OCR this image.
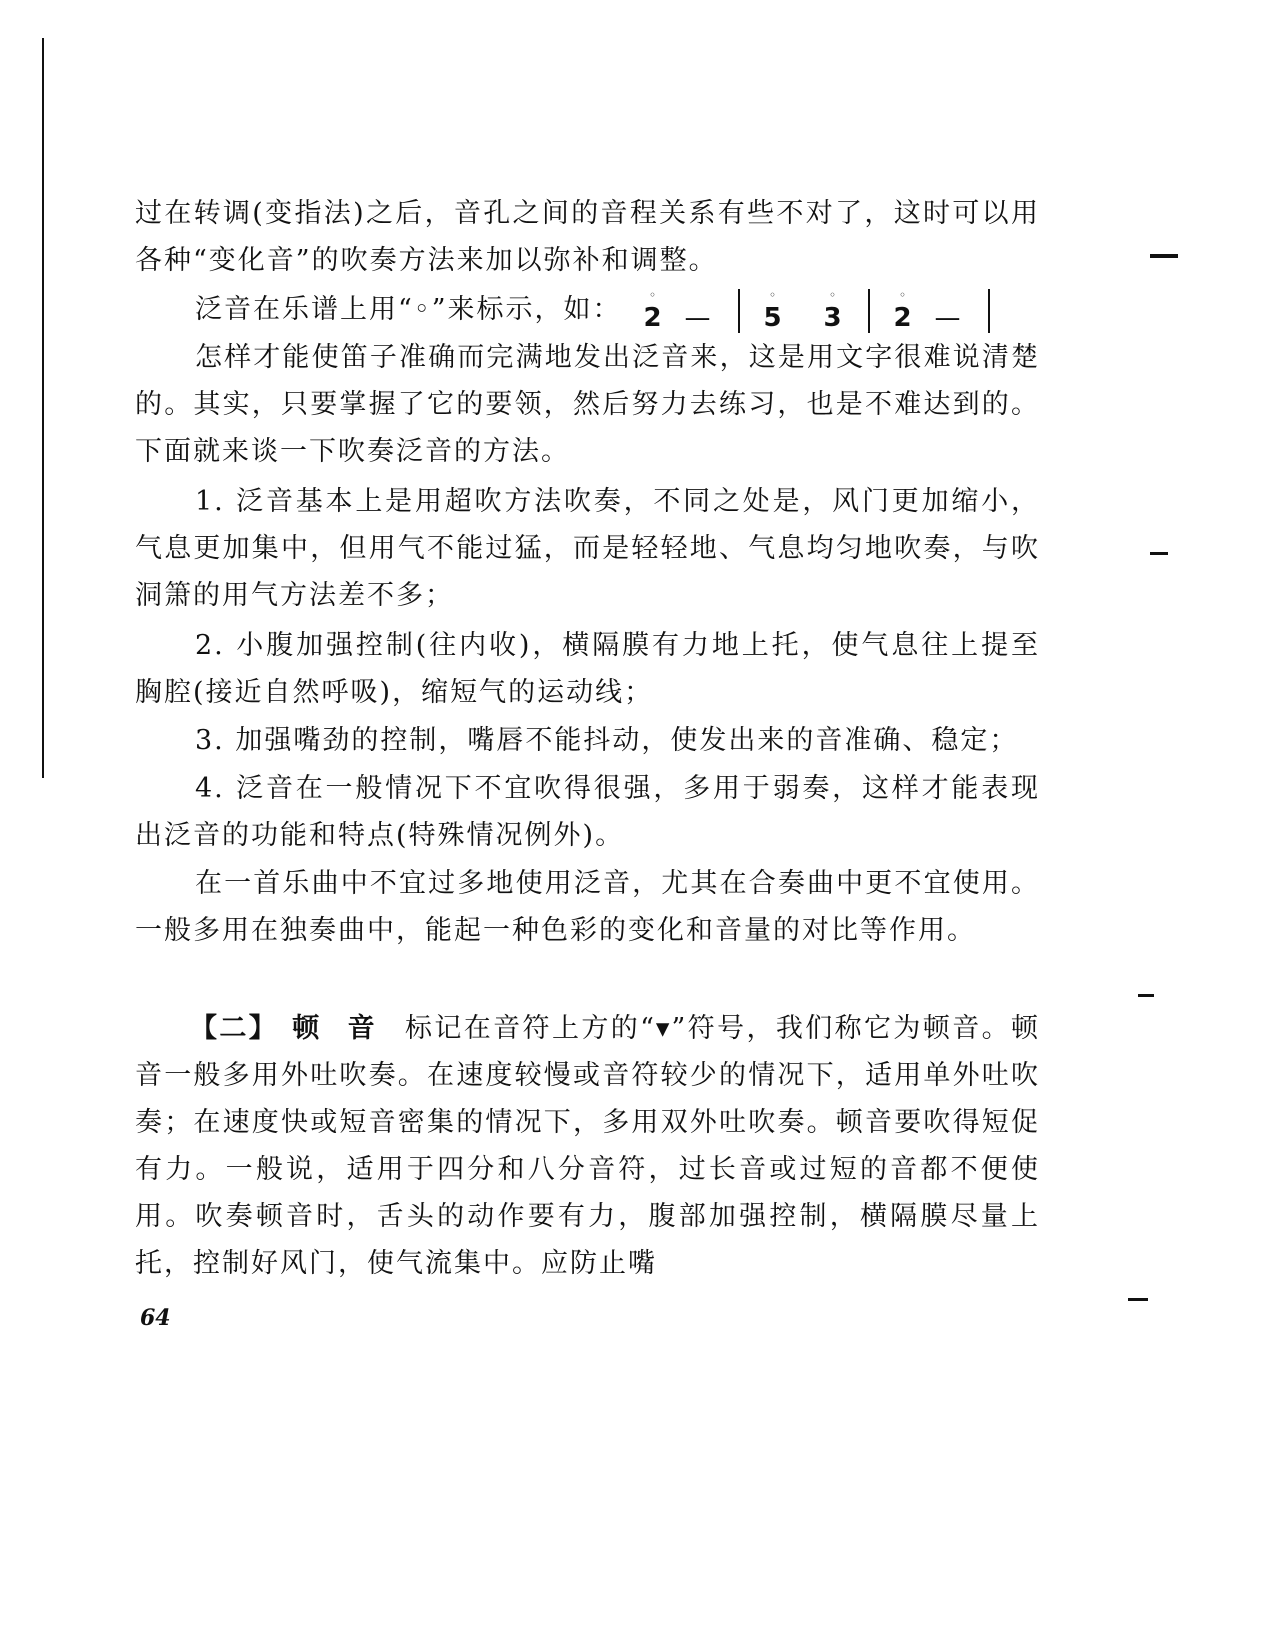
过在转调(变指法)之后，音孔之间的音程关系有些不对了，这时可以用各种“变化音”的吹奏方法来加以弥补和调整。

泛音在乐谱上用“◦”来标示，如：	◦
2 —
◦
5
◦
3
◦
2 —

怎样才能使笛子准确而完满地发出泛音来，这是用文字很难说清楚的。其实，只要掌握了它的要领，然后努力去练习，也是不难达到的。下面就来谈一下吹奏泛音的方法。

1. 泛音基本上是用超吹方法吹奏，不同之处是，风门更加缩小，气息更加集中，但用气不能过猛，而是轻轻地、气息均匀地吹奏，与吹洞箫的用气方法差不多；

2. 小腹加强控制(往内收)，横隔膜有力地上托，使气息往上提至胸腔(接近自然呼吸)，缩短气的运动线；

3. 加强嘴劲的控制，嘴唇不能抖动，使发出来的音准确、稳定；

4. 泛音在一般情况下不宜吹得很强，多用于弱奏，这样才能表现出泛音的功能和特点(特殊情况例外)。

在一首乐曲中不宜过多地使用泛音，尤其在合奏曲中更不宜使用。一般多用在独奏曲中，能起一种色彩的变化和音量的对比等作用。

【二】 顿音标记在音符上方的“▾”符号，我们称它为顿音。顿音一般多用外吐吹奏。在速度较慢或音符较少的情况下，适用单外吐吹奏；在速度快或短音密集的情况下，多用双外吐吹奏。顿音要吹得短促有力。一般说，适用于四分和八分音符，过长音或过短的音都不便使用。吹奏顿音时，舌头的动作要有力，腹部加强控制，横隔膜尽量上托，控制好风门，使气流集中。应防止嘴

64
